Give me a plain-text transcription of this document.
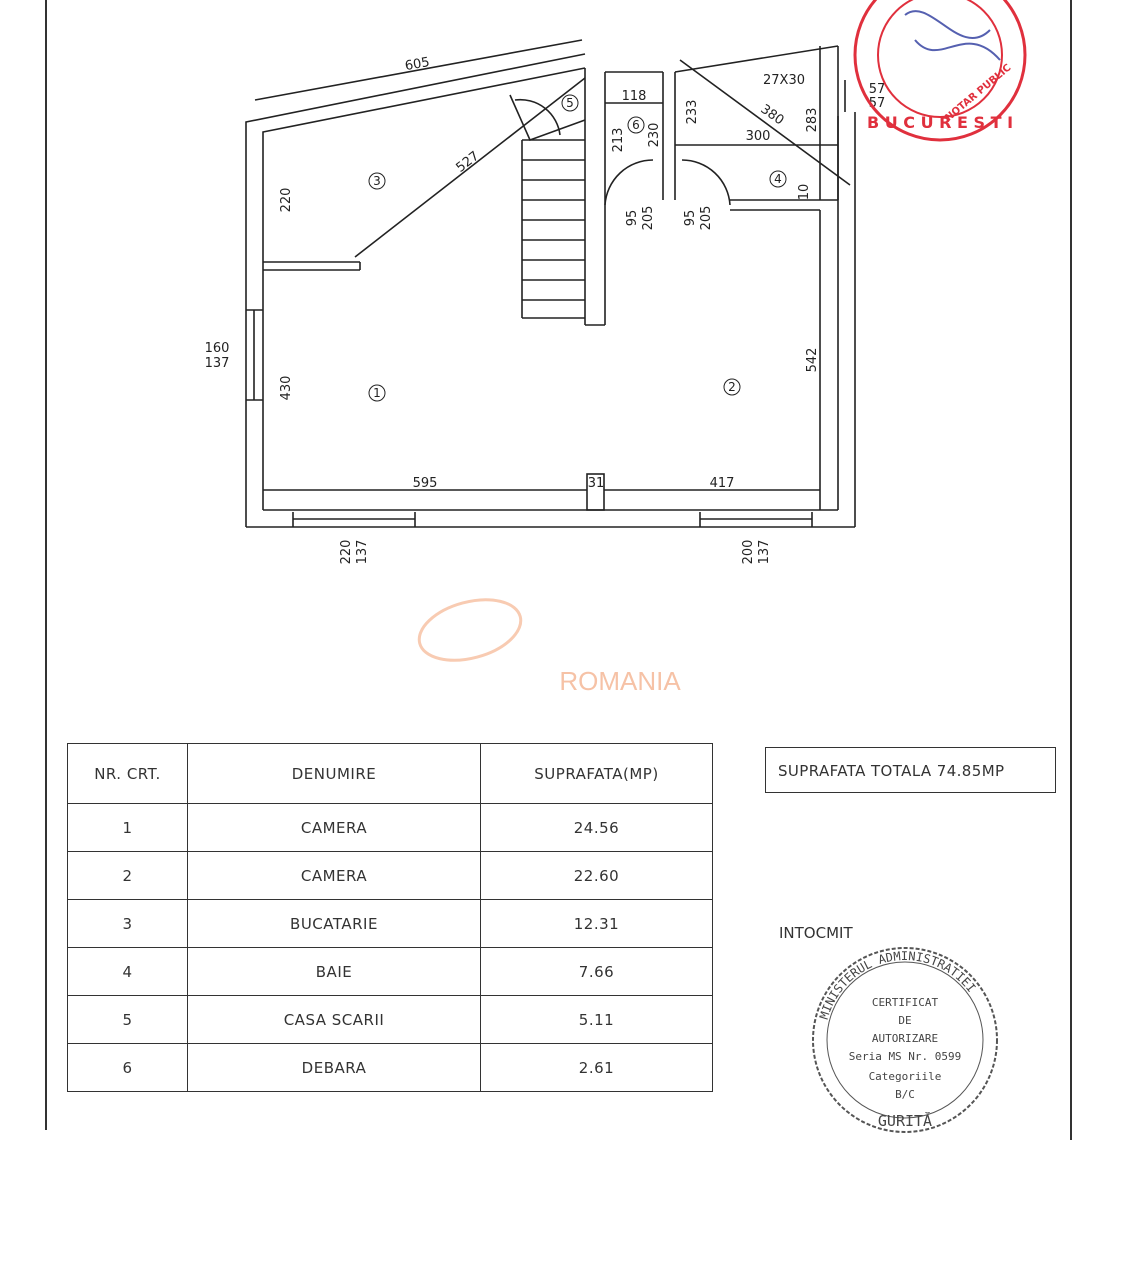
3
1	2
4
5
6
605
527
220
160
137
430
595	31	417
542
118
213 230
233	283
300
380
27X30
57
57
10
95 205 95 205
220 137	200 137
ROMANIA
B U C U R E S T I
NOTAR PUBLIC
NR. CRT.	DENUMIRE	SUPRAFATA(MP)
1	CAMERA	24.56
2	CAMERA	22.60
3	BUCATARIE	12.31
4	BAIE	7.66
5	CASA SCARII	5.11
6	DEBARA	2.61
SUPRAFATA TOTALA 74.85MP
INTOCMIT
MINISTERUL ADMINISTRATIEI
CERTIFICAT
DE
AUTORIZARE
Seria MS Nr. 0599
Categoriile
B/C
GURITĂ
